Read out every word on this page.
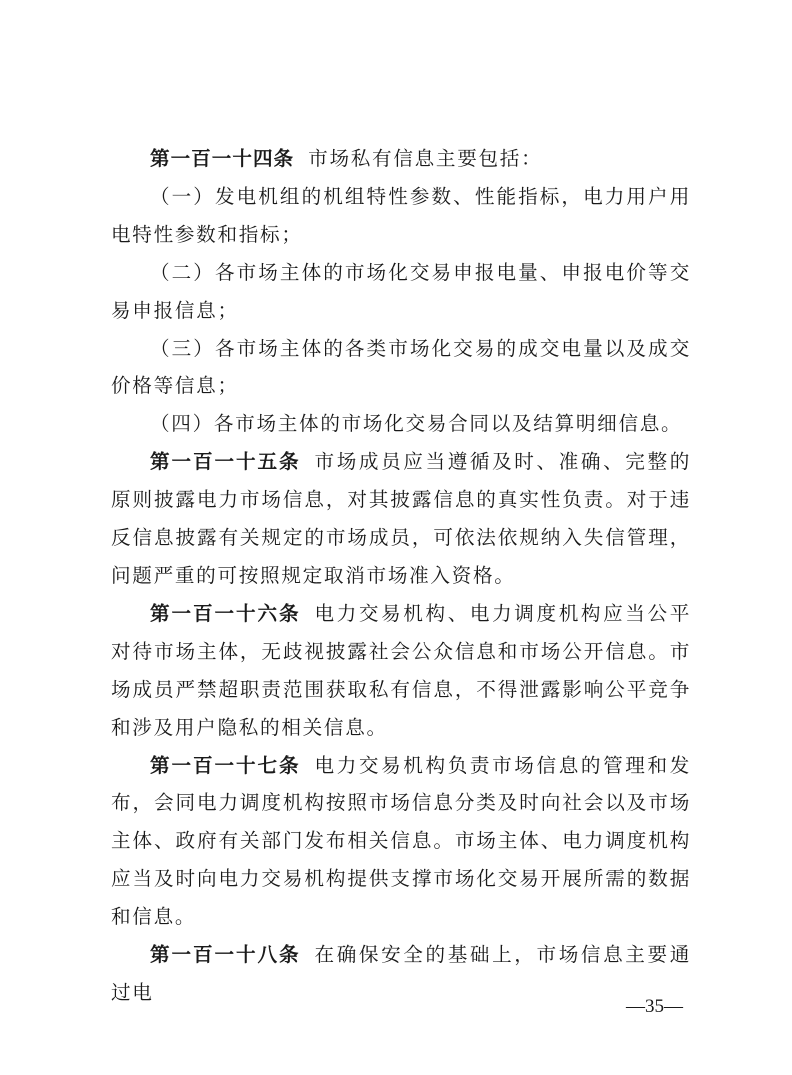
第一百一十四条 市场私有信息主要包括：

（一）发电机组的机组特性参数、性能指标，电力用户用电特性参数和指标；

（二）各市场主体的市场化交易申报电量、申报电价等交易申报信息；

（三）各市场主体的各类市场化交易的成交电量以及成交价格等信息；

（四）各市场主体的市场化交易合同以及结算明细信息。

第一百一十五条 市场成员应当遵循及时、准确、完整的原则披露电力市场信息，对其披露信息的真实性负责。对于违反信息披露有关规定的市场成员，可依法依规纳入失信管理，问题严重的可按照规定取消市场准入资格。

第一百一十六条 电力交易机构、电力调度机构应当公平对待市场主体，无歧视披露社会公众信息和市场公开信息。市场成员严禁超职责范围获取私有信息，不得泄露影响公平竞争和涉及用户隐私的相关信息。

第一百一十七条 电力交易机构负责市场信息的管理和发布，会同电力调度机构按照市场信息分类及时向社会以及市场主体、政府有关部门发布相关信息。市场主体、电力调度机构应当及时向电力交易机构提供支撑市场化交易开展所需的数据和信息。

第一百一十八条 在确保安全的基础上，市场信息主要通过电

—35—
